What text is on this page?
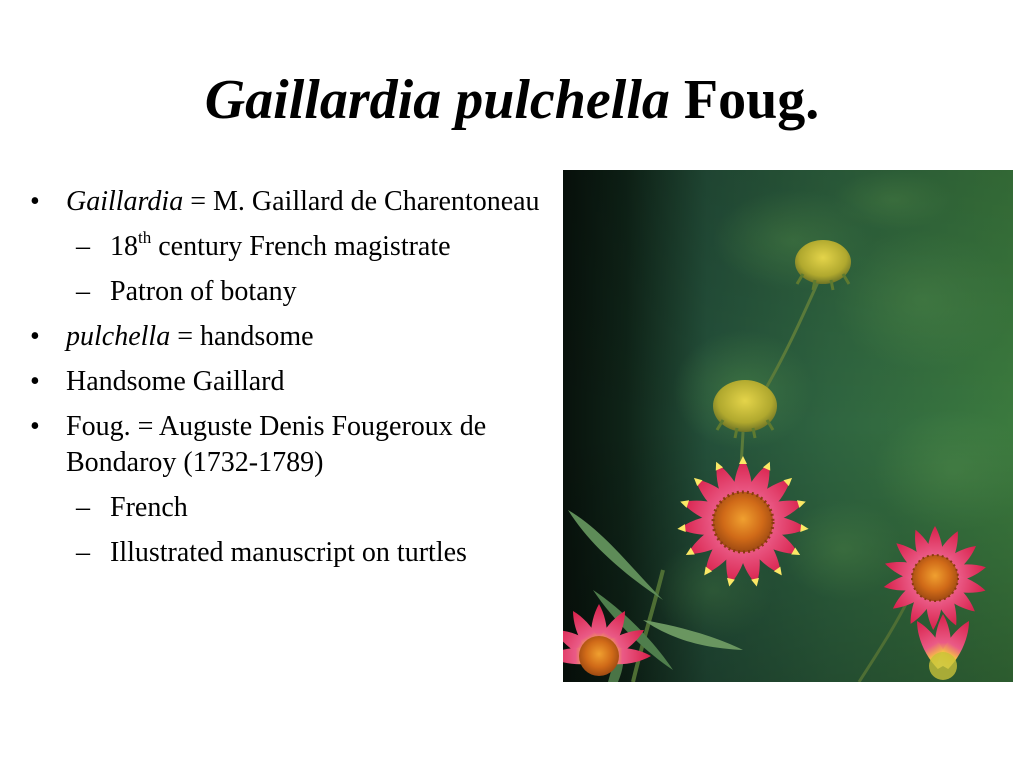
Gaillardia pulchella Foug.

• Gaillardia = M. Gaillard de Charentoneau

– 18th century French magistrate

– Patron of botany

• pulchella = handsome

• Handsome Gaillard

• Foug. = Auguste Denis Fougeroux de Bondaroy (1732-1789)

– French

– Illustrated manuscript on turtles
